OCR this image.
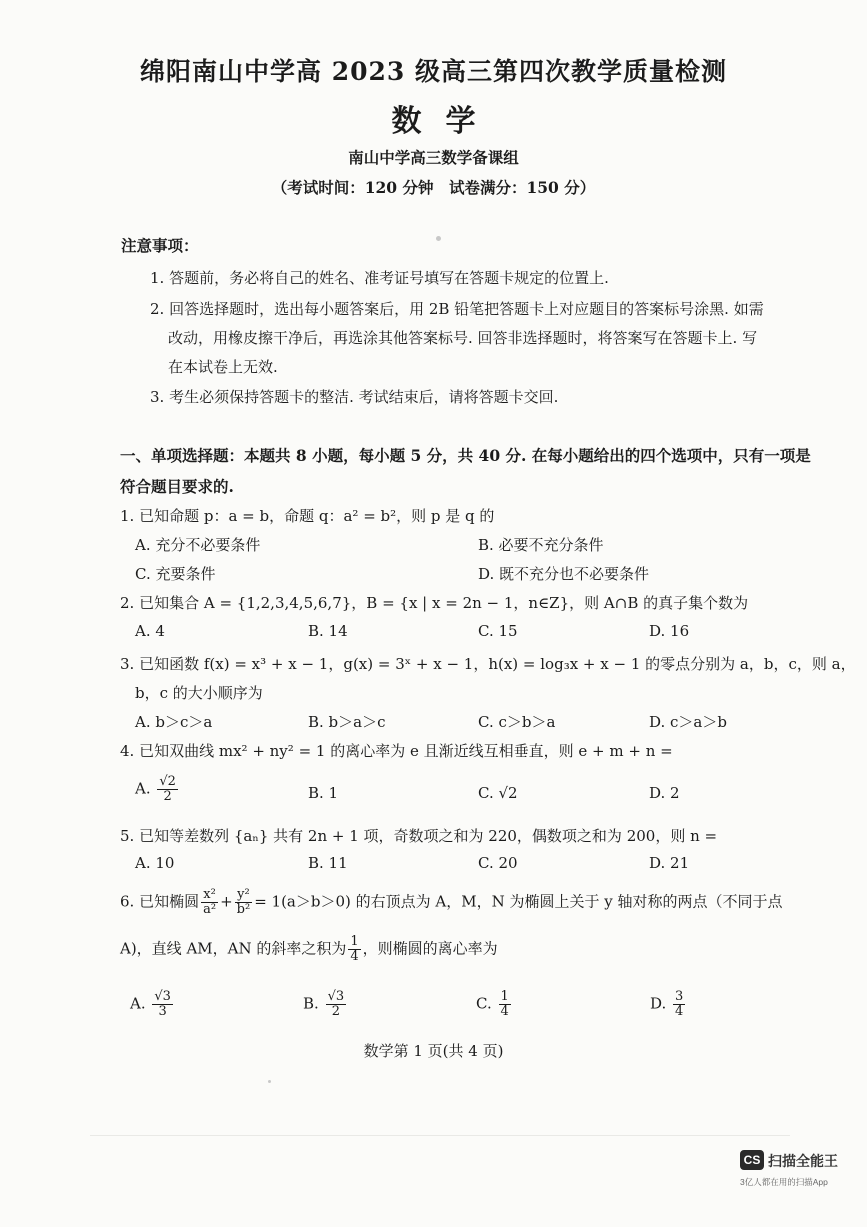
绵阳南山中学高 2023 级高三第四次教学质量检测
数学
南山中学高三数学备课组
（考试时间：120 分钟　试卷满分：150 分）
注意事项：
1. 答题前，务必将自己的姓名、准考证号填写在答题卡规定的位置上.
2. 回答选择题时，选出每小题答案后，用 2B 铅笔把答题卡上对应题目的答案标号涂黑. 如需
改动，用橡皮擦干净后，再选涂其他答案标号. 回答非选择题时，将答案写在答题卡上. 写
在本试卷上无效.
3. 考生必须保持答题卡的整洁. 考试结束后，请将答题卡交回.
一、单项选择题：本题共 8 小题，每小题 5 分，共 40 分. 在每小题给出的四个选项中，只有一项是
符合题目要求的.
1. 已知命题 p：a = b，命题 q：a² = b²，则 p 是 q 的
A. 充分不必要条件	B. 必要不充分条件
C. 充要条件	D. 既不充分也不必要条件
2. 已知集合 A = {1,2,3,4,5,6,7}，B = {x | x = 2n − 1，n∈Z}，则 A∩B 的真子集个数为
A. 4	B. 14	C. 15	D. 16
3. 已知函数 f(x) = x³ + x − 1，g(x) = 3ˣ + x − 1，h(x) = log₃x + x − 1 的零点分别为 a，b，c，则 a，
b，c 的大小顺序为
A. b＞c＞a	B. b＞a＞c	C. c＞b＞a	D. c＞a＞b
4. 已知双曲线 mx² + ny² = 1 的离心率为 e 且渐近线互相垂直，则 e + m + n =
A. $\frac{√2}{2}$	B. 1	C. √2	D. 2
5. 已知等差数列 {aₙ} 共有 2n + 1 项，奇数项之和为 220，偶数项之和为 200，则 n =
A. 10	B. 11	C. 20	D. 21
6. 已知椭圆 $\frac{\text{x²}}{\text{a²}} + \frac{\text{y²}}{\text{b²}} = 1(a>b>0)$ 的右顶点为 A，M，N 为椭圆上关于 y 轴对称的两点（不同于点
A)，直线 AM，AN 的斜率之积为 $\frac{1}{4}$ ，则椭圆的离心率为
A. $\frac{√3}{3}$	B. $\frac{√3}{2}$	C. $\frac{1}{4}$	D. $\frac{3}{4}$
数学第 1 页(共 4 页)
CS 扫描全能王
3亿人都在用的扫描App
